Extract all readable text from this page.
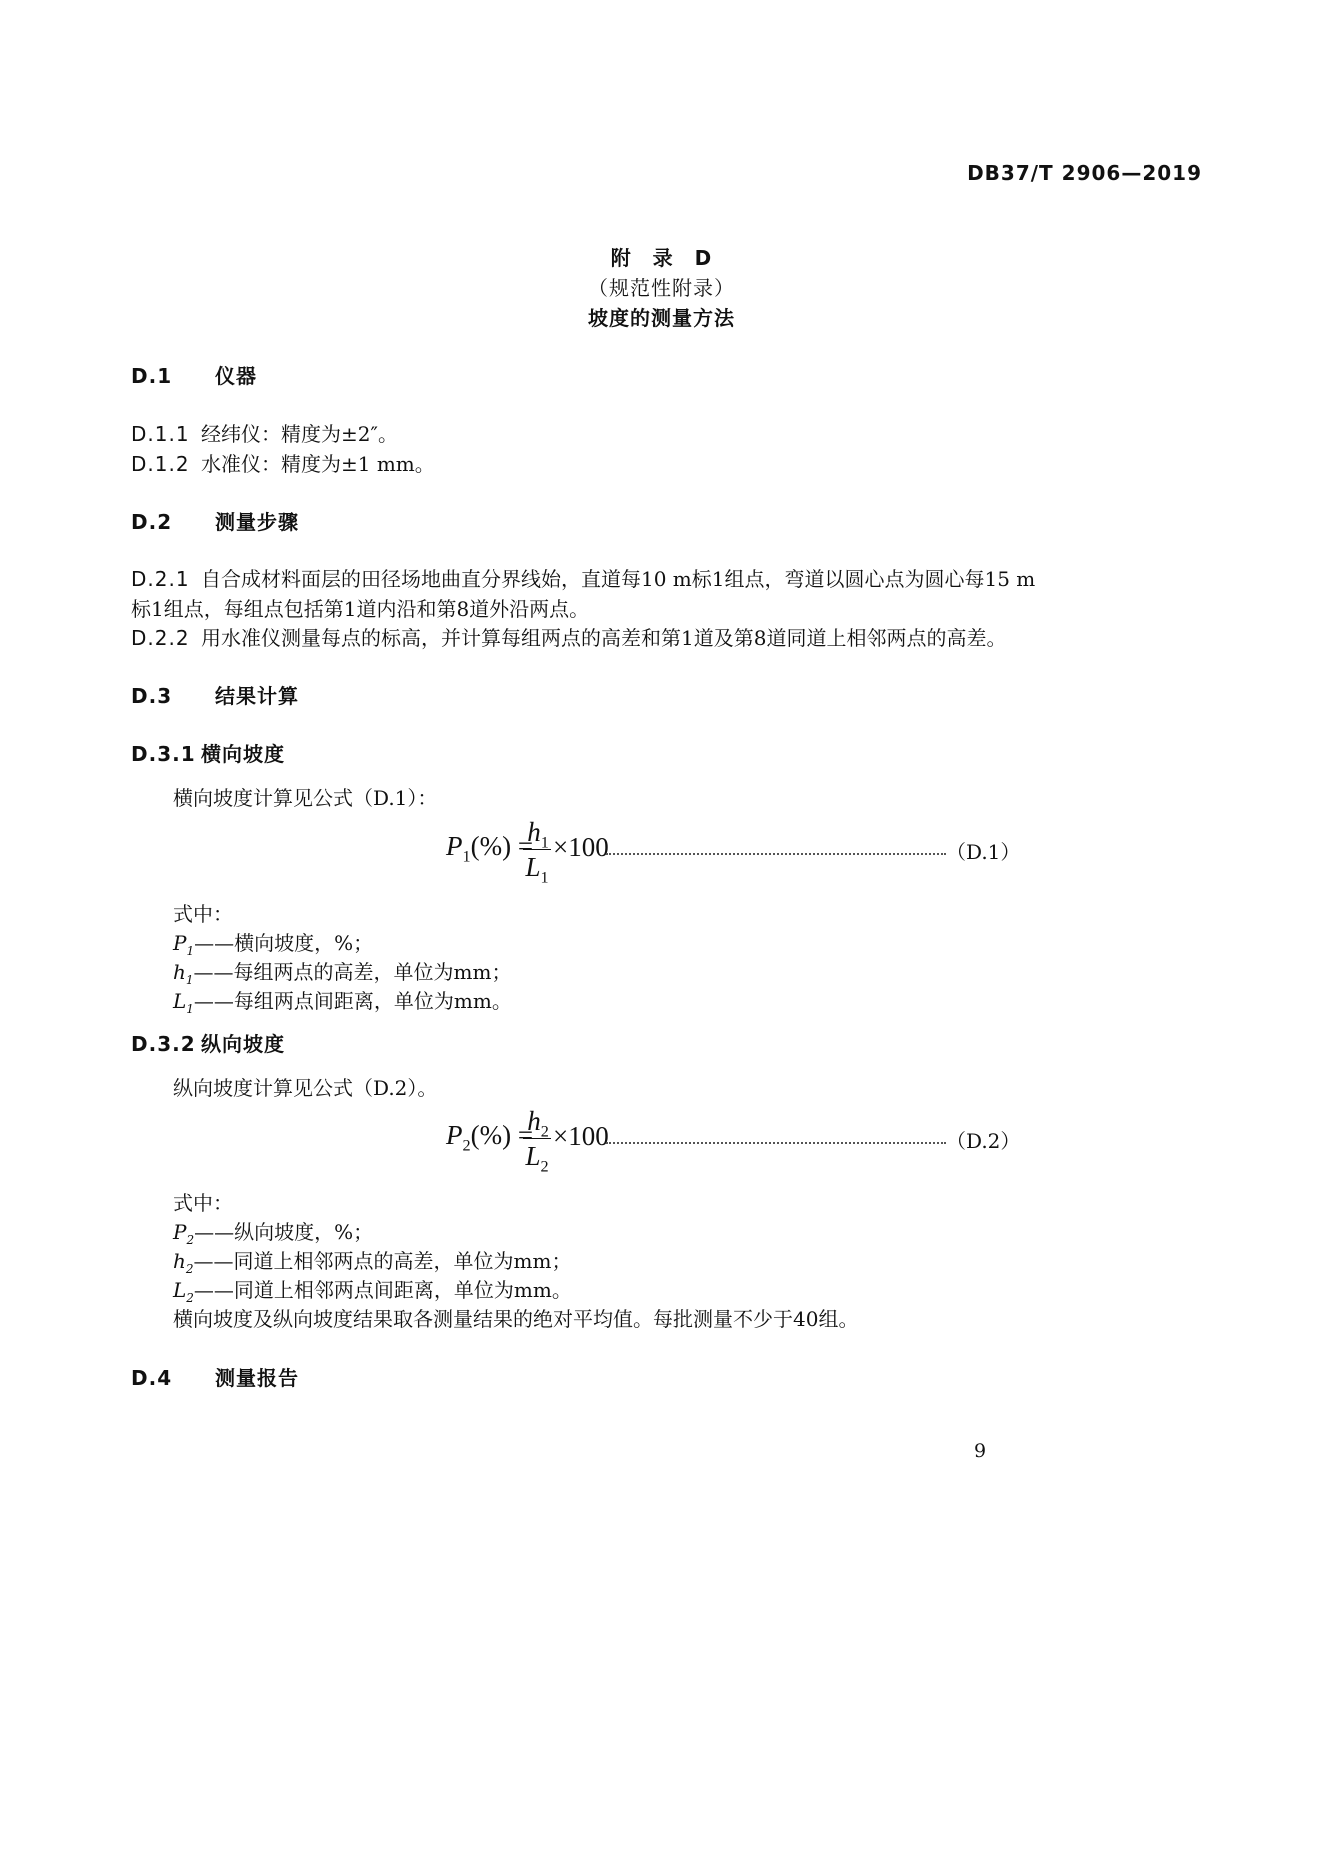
DB37/T 2906—2019
附　录　D
（规范性附录）
坡度的测量方法
D.1 仪器
D.1.1 经纬仪：精度为±2″。
D.1.2 水准仪：精度为±1 mm。
D.2 测量步骤
D.2.1 自合成材料面层的田径场地曲直分界线始，直道每10 m标1组点，弯道以圆心点为圆心每15 m
标1组点，每组点包括第1道内沿和第8道外沿两点。
D.2.2 用水准仪测量每点的标高，并计算每组两点的高差和第1道及第8道同道上相邻两点的高差。
D.3 结果计算
D.3.1 横向坡度
横向坡度计算见公式（D.1）：
$P_1(\%)$ =
$h_1$
$L_1$
×100	（D.1）
式中：
$P_1——$横向坡度，%；
$h_1——$每组两点的高差，单位为mm；
$L_1——$每组两点间距离，单位为mm。
D.3.2 纵向坡度
纵向坡度计算见公式（D.2）。
$P_2(\%)$ =
$h_2$
$L_2$
×100	（D.2）
式中：
$P_2——$纵向坡度，%；
$h_2——$同道上相邻两点的高差，单位为mm；
$L_2——$同道上相邻两点间距离，单位为mm。
横向坡度及纵向坡度结果取各测量结果的绝对平均值。每批测量不少于40组。
D.4 测量报告
9
